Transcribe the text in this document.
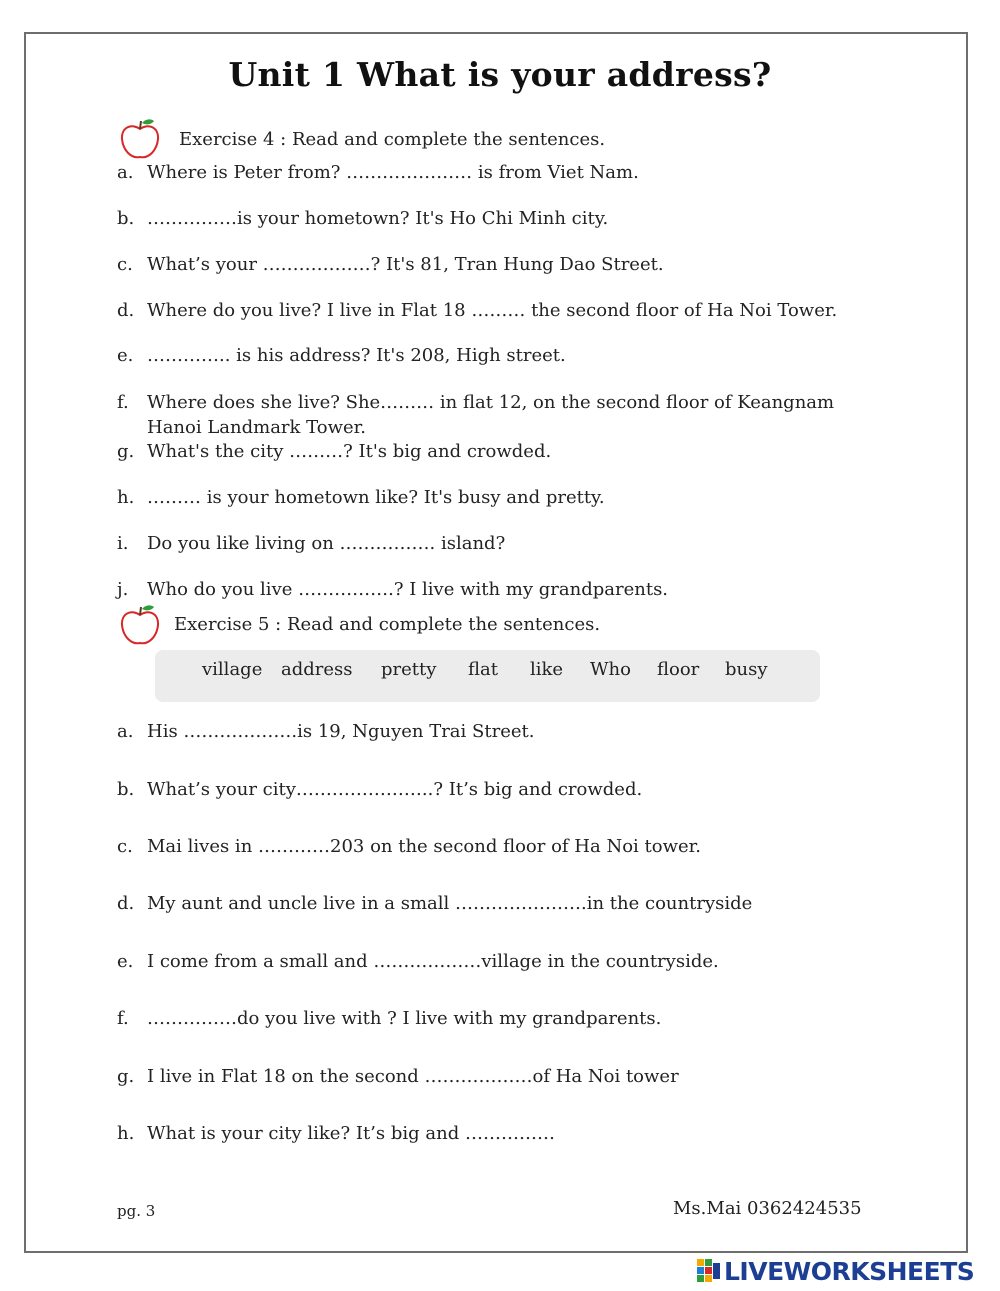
Unit 1 What is your address?
Exercise 4 : Read and complete the sentences.
a. Where is Peter from? ………………… is from Viet Nam.
b. ……………is your hometown? It's Ho Chi Minh city.
c. What’s your ………………? It's 81, Tran Hung Dao Street.
d. Where do you live? I live in Flat 18 ……… the second floor of Ha Noi Tower.
e. ………….. is his address? It's 208, High street.
f. Where does she live? She……… in flat 12, on the second floor of Keangnam Hanoi Landmark Tower.
g. What's the city ………? It's big and crowded.
h. ……… is your hometown like? It's busy and pretty.
i. Do you like living on ……………. island?
j. Who do you live …………….? I live with my grandparents.
Exercise 5 : Read and complete the sentences.
village address pretty flat like Who floor busy
a. His ……………….is 19, Nguyen Trai Street.
b. What’s your city…………………..? It’s big and crowded.
c. Mai lives in …………203 on the second floor of Ha Noi tower.
d. My aunt and uncle live in a small ………………….in the countryside
e. I come from a small and ………………village in the countryside.
f. ……………do you live with ? I live with my grandparents.
g. I live in Flat 18 on the second ………………of Ha Noi tower
h. What is your city like? It’s big and ……………
pg. 3	Ms.Mai 0362424535
LIVEWORKSHEETS
